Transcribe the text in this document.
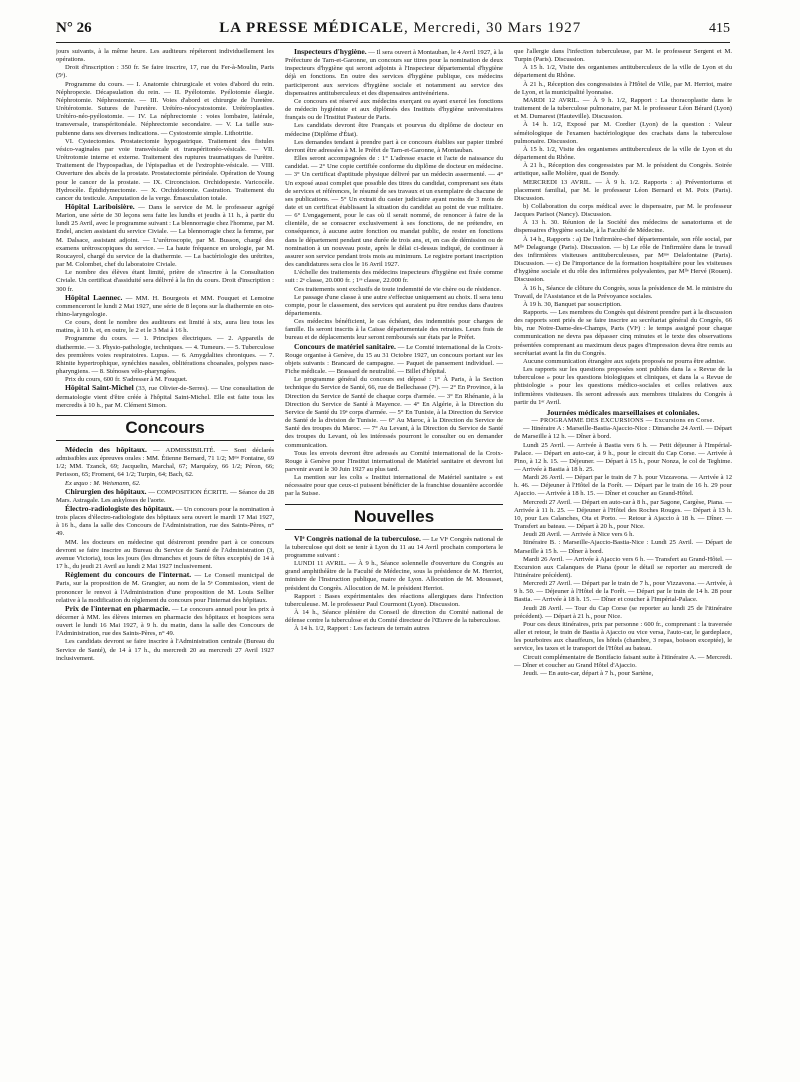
N° 26	LA PRESSE MÉDICALE, Mercredi, 30 Mars 1927	415

jours suivants, à la même heure. Les auditeurs répéteront individuellement les opérations.

Droit d'inscription : 350 fr. Se faire inscrire, 17, rue du Fer-à-Moulin, Paris (5ᵉ).

Programme du cours. — I. Anatomie chirurgicale et voies d'abord du rein. Néphropexie. Décapsulation du rein. — II. Pyélotomie. Pyélotomie élargie. Néphrotomie. Néphrostomie. — III. Voies d'abord et chirurgie de l'uretère. Urétérotomie. Sutures de l'uretère. Urétéro-néocystostomie. Urétéroplasties. Urétéro-néo-pyélostomie. — IV. La néphrectomie : voies lombaire, latérale, transversale, transpéritonéale. Néphrectomie secondaire. — V. La taille sus-pubienne dans ses diverses indications. — Cystostomie simple. Lithotritie.

VI. Cystectomies. Prostatectomie hypogastrique. Traitement des fistules vésico-vaginales par voie transvésicale et transpéritonéo-vésicale. — VII. Urétrotomie interne et externe. Traitement des ruptures traumatiques de l'urètre. Traitement de l'hypospadias, de l'épispadias et de l'extrophie-vésicale. — VIII. Ouverture des abcès de la prostate. Prostatectomie périnéale. Opération de Young pour le cancer de la prostate. — IX. Circoncision. Orchidopexie. Varicocèle. Hydrocèle. Épididymectomie. — X. Orchidotomie. Castration. Traitement du cancer du testicule. Amputation de la verge. Émasculation totale.

Hôpital Lariboisière. — Dans le service de M. le professeur agrégé Marion, une série de 30 leçons sera faite les lundis et jeudis à 11 h., à partir du lundi 25 Avril, avec le programme suivant : La blennorragie chez l'homme, par M. Endel, ancien assistant du service Civiale. — La blennorragie chez la femme, par M. Dalsace, assistant adjoint. — L'urétroscopie, par M. Busson, chargé des examens urétroscopiques du service. — La haute fréquence en urologie, par M. Roucayrol, chargé du service de la diathermie. — La bactériologie des urétrites, par M. Colombet, chef du laboratoire Civiale.

Le nombre des élèves étant limité, prière de s'inscrire à la Consultation Civiale. Un certificat d'assiduité sera délivré à la fin du cours. Droit d'inscription : 300 fr.

Hôpital Laennec. — MM. H. Bourgeois et MM. Fouquet et Lemoine commenceront le lundi 2 Mai 1927, une série de 8 leçons sur la diathermie en oto-rhino-laryngologie.

Ce cours, dont le nombre des auditeurs est limité à six, aura lieu tous les matins, à 10 h. et, en outre, le 2 et le 3 Mai à 16 h.

Programme du cours. — 1. Principes électriques. — 2. Appareils de diathermie. — 3. Physio-pathologie, techniques. — 4. Tumeurs. — 5. Tuberculose des premières voies respiratoires. Lupus. — 6. Amygdalites chroniques. — 7. Rhinite hypertrophique, synéchies nasales, oblitérations choanales, polypes naso-pharyngiens. — 8. Sténoses vélo-pharyngées.

Prix du cours, 600 fr. S'adresser à M. Fouquet.

Hôpital Saint-Michel (33, rue Olivier-de-Serres). — Une consultation de dermatologie vient d'être créée à l'hôpital Saint-Michel. Elle est faite tous les mercredis à 10 h., par M. Clément Simon.

Concours

Médecin des hôpitaux. — ADMISSIBILITÉ. — Sont déclarés admissibles aux épreuves orales : MM. Étienne Bernard, 71 1/2; Mᵐᵉ Fontaine, 69 1/2; MM. Tzanck, 69; Jacquelin, Marchal, 67; Marquézy, 66 1/2; Péron, 66; Perisson, 65; Froment, 64 1/2; Turpin, 64; Bach, 62.

Ex æquo : M. Weismann, 62.

Chirurgien des hôpitaux. — COMPOSITION ÉCRITE. — Séance du 28 Mars. Astragale. Les ankyloses de l'aorte.

Électro-radiologiste des hôpitaux. — Un concours pour la nomination à trois places d'électro-radiologiste des hôpitaux sera ouvert le mardi 17 Mai 1927, à 16 h., dans la salle des Concours de l'Administration, rue des Saints-Pères, n° 49.

MM. les docteurs en médecine qui désireront prendre part à ce concours devront se faire inscrire au Bureau du Service de Santé de l'Administration (3, avenue Victoria), tous les jours (les dimanches et jours de fêtes exceptés) de 14 à 17 h., du jeudi 21 Avril au lundi 2 Mai 1927 inclusivement.

Règlement du concours de l'internat. — Le Conseil municipal de Paris, sur la proposition de M. Grangier, au nom de la 5ᵉ Commission, vient de prononcer le renvoi à l'Administration d'une proposition de M. Louis Sellier relative à la modification du règlement du concours pour l'internat des hôpitaux.

Prix de l'internat en pharmacie. — Le concours annuel pour les prix à décerner à MM. les élèves internes en pharmacie des hôpitaux et hospices sera ouvert le lundi 16 Mai 1927, à 9 h. du matin, dans la salle des Concours de l'Administration, rue des Saints-Pères, n° 49.

Les candidats devront se faire inscrire à l'Administration centrale (Bureau du Service de Santé), de 14 à 17 h., du mercredi 20 au mercredi 27 Avril 1927 inclusivement.

Inspecteurs d'hygiène. — Il sera ouvert à Montauban, le 4 Avril 1927, à la Préfecture de Tarn-et-Garonne, un concours sur titres pour la nomination de deux inspecteurs d'hygiène qui seront adjoints à l'Inspecteur départemental d'hygiène déjà en fonctions. En outre des services d'hygiène publique, ces médecins participeront aux services d'hygiène sociale et notamment au service des dispensaires antituberculeux et des dispensaires antivénériens.

Ce concours est réservé aux médecins exerçant ou ayant exercé les fonctions de médecin hygiéniste et aux diplômés des Instituts d'hygiène universitaires français ou de l'Institut Pasteur de Paris.

Les candidats devront être Français et pourvus du diplôme de docteur en médecine (Diplôme d'État).

Les demandes tendant à prendre part à ce concours établies sur papier timbré devront être adressées à M. le Préfet de Tarn-et-Garonne, à Montauban.

Elles seront accompagnées de : 1° L'adresse exacte et l'acte de naissance du candidat. — 2° Une copie certifiée conforme du diplôme de docteur en médecine. — 3° Un certificat d'aptitude physique délivré par un médecin assermenté. — 4° Un exposé aussi complet que possible des titres du candidat, comprenant ses états de services et références, le résumé de ses travaux et un exemplaire de chacune de ses publications. — 5° Un extrait du casier judiciaire ayant moins de 3 mois de date et un certificat établissant la situation du candidat au point de vue militaire. — 6° L'engagement, pour le cas où il serait nommé, de renoncer à faire de la clientèle, de se consacrer exclusivement à ses fonctions, de ne prétendre, en conséquence, à aucune autre fonction ou mandat public, de rester en fonctions dans le département pendant une durée de trois ans, et, en cas de démission ou de nomination à un nouveau poste, après le délai ci-dessus indiqué, de continuer à assurer son service pendant trois mois au minimum. Le registre portant inscription des candidatures sera clos le 16 Avril 1927.

L'échelle des traitements des médecins inspecteurs d'hygiène est fixée comme suit : 2ᵉ classe, 20.000 fr. ; 1ʳᵉ classe, 22.000 fr.

Ces traitements sont exclusifs de toute indemnité de vie chère ou de résidence.

Le passage d'une classe à une autre s'effectue uniquement au choix. Il sera tenu compte, pour le classement, des services qui auraient pu être rendus dans d'autres départements.

Ces médecins bénéficient, le cas échéant, des indemnités pour charges de famille. Ils seront inscrits à la Caisse départementale des retraites. Leurs frais de bureau et de déplacements leur seront remboursés sur états par le Préfet.

Concours de matériel sanitaire. — Le Comité international de la Croix-Rouge organise à Genève, du 15 au 31 Octobre 1927, un concours portant sur les objets suivants : Brancard de campagne. — Paquet de pansement individuel. — Fiche médicale. — Brassard de neutralité. — Billet d'hôpital.

Le programme général du concours est déposé : 1° À Paris, à la Section technique du Service de Santé, 66, rue de Bellechasse (7ᵉ). — 2° En Province, à la Direction du Service de Santé de chaque corps d'armée. — 3° En Rhénanie, à la Direction du Service de Santé à Mayence. — 4° En Algérie, à la Direction du Service de Santé du 19ᵉ corps d'armée. — 5° En Tunisie, à la Direction du Service de Santé de la division de Tunisie. — 6° Au Maroc, à la Direction du Service de Santé des troupes du Maroc. — 7° Au Levant, à la Direction du Service de Santé des troupes du Levant, où les intéressés pourront le consulter ou en demander communication.

Tous les envois devront être adressés au Comité international de la Croix-Rouge à Genève pour l'Institut international de Matériel sanitaire et devront lui parvenir avant le 30 Juin 1927 au plus tard.

La mention sur les colis « Institut international de Matériel sanitaire » est nécessaire pour que ceux-ci puissent bénéficier de la franchise douanière accordée par la Suisse.

Nouvelles

VIᵉ Congrès national de la tuberculose. — Le VIᵉ Congrès national de la tuberculose qui doit se tenir à Lyon du 11 au 14 Avril prochain comportera le programme suivant :

LUNDI 11 AVRIL. — À 9 h., Séance solennelle d'ouverture du Congrès au grand amphithéâtre de la Faculté de Médecine, sous la présidence de M. Herriot, ministre de l'Instruction publique, maire de Lyon. Allocution de M. Moussset, président du Congrès. Allocution de M. le président Herriot.

Rapport : Bases expérimentales des réactions allergiques dans l'infection tuberculeuse. M. le professeur Paul Courmont (Lyon). Discussion.

À 14 h., Séance plénière du Conseil de direction du Comité national de défense contre la tuberculose et du Comité directeur de l'Œuvre de la tuberculose.

À 14 h. 1/2, Rapport : Les facteurs de terrain autres

que l'allergie dans l'infection tuberculeuse, par M. le professeur Sergent et M. Turpin (Paris). Discussion.

À 15 h. 1/2, Visite des organismes antituberculeux de la ville de Lyon et du département du Rhône.

À 21 h., Réception des congressistes à l'Hôtel de Ville, par M. Herriot, maire de Lyon, et la municipalité lyonnaise.

MARDI 12 AVRIL. — À 9 h. 1/2, Rapport : La thoracoplastie dans le traitement de la tuberculose pulmonaire, par M. le professeur Léon Bérard (Lyon) et M. Dumarest (Hauteville). Discussion.

À 14 h. 1/2, Exposé par M. Cordier (Lyon) de la question : Valeur séméiologique de l'examen bactériologique des crachats dans la tuberculose pulmonaire. Discussion.

À 15 h. 1/2, Visite des organismes antituberculeux de la ville de Lyon et du département du Rhône.

À 21 h., Réception des congressistes par M. le président du Congrès. Soirée artistique, salle Molière, quai de Bondy.

MERCREDI 13 AVRIL. — À 9 h. 1/2. Rapports : a) Préventoriums et placement familial, par M. le professeur Léon Bernard et M. Poix (Paris). Discussion.

b) Collaboration du corps médical avec le dispensaire, par M. le professeur Jacques Parisot (Nancy). Discussion.

À 13 h. 30. Réunion de la Société des médecins de sanatoriums et de dispensaires d'hygiène sociale, à la Faculté de Médecine.

À 14 h., Rapports : a) De l'infirmière-chef départementale, son rôle social, par Mˡˡᵉ Delagrange (Paris). Discussion. — b) Le rôle de l'infirmière dans le travail des infirmières visiteuses antituberculeuses, par Mᵐᵉ Delafontaine (Paris). Discussion. — c) De l'importance de la formation hospitalière pour les visiteuses d'hygiène sociale et du rôle des infirmières polyvalentes, par Mˡˡᵉ Hervé (Rouen). Discussion.

À 16 h., Séance de clôture du Congrès, sous la présidence de M. le ministre du Travail, de l'Assistance et de la Prévoyance sociales.

À 19 h. 30, Banquet par souscription.

Rapports. — Les membres du Congrès qui désirent prendre part à la discussion des rapports sont priés de se faire inscrire au secrétariat général du Congrès, 66 bis, rue Notre-Dame-des-Champs, Paris (VIᵉ) : le temps assigné pour chaque communication ne devra pas dépasser cinq minutes et le texte des observations présentées comprenant au maximum deux pages d'impression devra être remis au secrétariat avant la fin du Congrès.

Aucune communication étrangère aux sujets proposés ne pourra être admise.

Les rapports sur les questions proposées sont publiés dans la « Revue de la tuberculose » pour les questions biologiques et cliniques, et dans la « Revue de phtisiologie » pour les questions médico-sociales et celles relatives aux infirmières visiteuses. Ils seront adressés aux membres titulaires du Congrès à partir du 1ᵉʳ Avril.

Journées médicales marseillaises et coloniales.
— PROGRAMME DES EXCURSIONS — Excursions en Corse.

— Itinéraire A : Marseille-Bastia-Ajaccio-Nice : Dimanche 24 Avril. — Départ de Marseille à 12 h. — Dîner à bord.

Lundi 25 Avril. — Arrivée à Bastia vers 6 h. — Petit déjeuner à l'Impérial-Palace. — Départ en auto-car, à 9 h., pour le circuit du Cap Corse. — Arrivée à Pino, à 12 h. 15. — Déjeuner. — Départ à 15 h., pour Nonza, le col de Teghime. — Arrivée à Bastia à 18 h. 25.

Mardi 26 Avril. — Départ par le train de 7 h. pour Vizzavona. — Arrivée à 12 h. 46. — Déjeuner à l'Hôtel de la Forêt. — Départ par le train de 16 h. 29 pour Ajaccio. — Arrivée à 18 h. 15. — Dîner et coucher au Grand-Hôtel.

Mercredi 27 Avril. — Départ en auto-car à 8 h., par Sagone, Cargèse, Piana. — Arrivée à 11 h. 25. — Déjeuner à l'Hôtel des Roches Rouges. — Départ à 13 h. 10, pour Les Calanches, Ota et Porto. — Retour à Ajaccio à 18 h. — Dîner. — Transfert au bateau. — Départ à 20 h., pour Nice.

Jeudi 28 Avril. — Arrivée à Nice vers 6 h.

Itinéraire B. : Marseille-Ajaccio-Bastia-Nice : Lundi 25 Avril. — Départ de Marseille à 15 h. — Dîner à bord.

Mardi 26 Avril. — Arrivée à Ajaccio vers 6 h. — Transfert au Grand-Hôtel. — Excursion aux Calanques de Piana (pour le détail se reporter au mercredi de l'itinéraire précédent).

Mercredi 27 Avril. — Départ par le train de 7 h., pour Vizzavona. — Arrivée, à 9 h. 50. — Déjeuner à l'Hôtel de la Forêt. — Départ par le train de 14 h. 28 pour Bastia. — Arrivée à 18 h. 15. — Dîner et coucher à l'Impérial-Palace.

Jeudi 28 Avril. — Tour du Cap Corse (se reporter au lundi 25 de l'itinéraire précédent). — Départ à 21 h., pour Nice.

Pour ces deux itinéraires, prix par personne : 600 fr., comprenant : la traversée aller et retour, le train de Bastia à Ajaccio ou vice versa, l'auto-car, le gardeplace, les pourboires aux chauffeurs, les hôtels (chambre, 3 repas, boisson exceptée), le service, les taxes et le transport de l'Hôtel au bateau.

Circuit complémentaire de Bonifacio faisant suite à l'itinéraire A. — Mercredi. — Dîner et coucher au Grand Hôtel d'Ajaccio.

Jeudi. — En auto-car, départ à 7 h., pour Sartène,
